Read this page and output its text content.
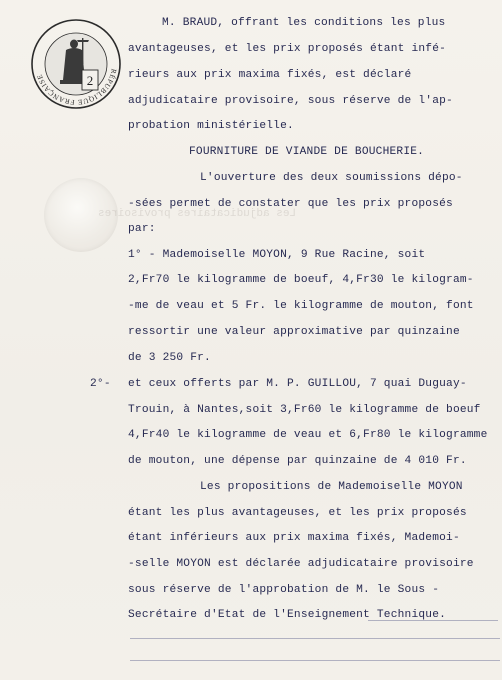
RÉPUBLIQUE FRANÇAISE	2
Les adjudicataires provisoires
M. BRAUD, offrant les conditions les plus
avantageuses, et les prix proposés étant infé-
rieurs aux prix maxima fixés, est déclaré
adjudicataire provisoire, sous réserve de l'ap-
probation ministérielle.
FOURNITURE DE VIANDE DE BOUCHERIE.
L'ouverture des deux soumissions dépo-
-sées permet de constater que les prix proposés
par:
1° - Mademoiselle MOYON, 9 Rue Racine, soit
2,Fr70 le kilogramme de boeuf, 4,Fr30 le kilogram-
-me de veau et 5 Fr. le kilogramme de mouton, font
ressortir une valeur approximative par quinzaine
de 3 250 Fr.
2°- et ceux offerts par M. P. GUILLOU, 7 quai Duguay-
Trouin, à Nantes,soit 3,Fr60 le kilogramme de boeuf
4,Fr40 le kilogramme de veau et 6,Fr80 le kilogramme
de mouton, une dépense par quinzaine de 4 010 Fr.
Les propositions de Mademoiselle MOYON
étant les plus avantageuses, et les prix proposés
étant inférieurs aux prix maxima fixés, Mademoi-
-selle MOYON est déclarée adjudicataire provisoire
sous réserve de l'approbation de M. le Sous -
Secrétaire d'Etat de l'Enseignement Technique.
